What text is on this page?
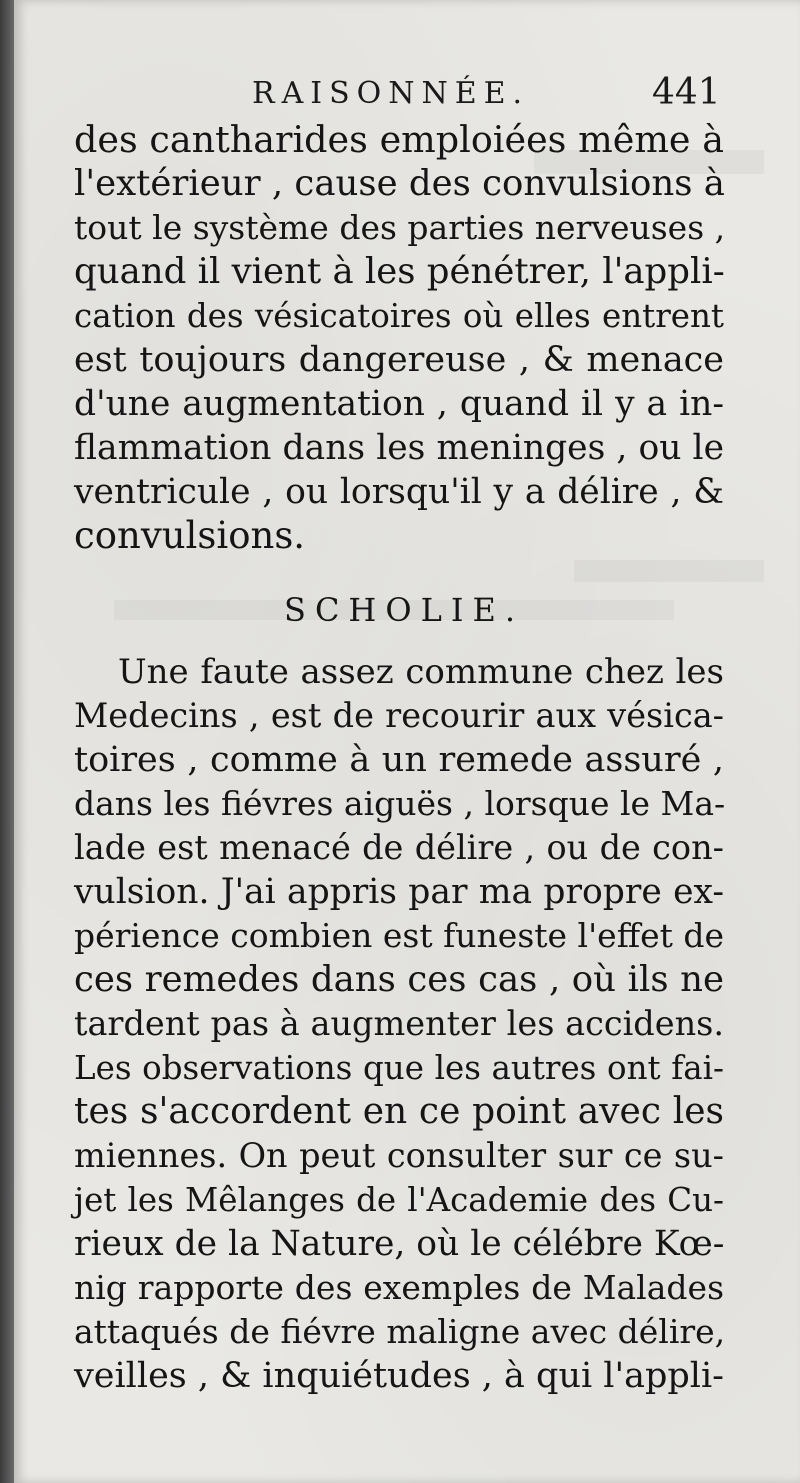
RAISONNÉE.	441
des cantharides emploiées même à
l'extérieur , cause des convulsions à
tout le système des parties nerveuses ,
quand il vient à les pénétrer, l'appli-
cation des vésicatoires où elles entrent
est toujours dangereuse , & menace
d'une augmentation , quand il y a in-
flammation dans les meninges , ou le
ventricule , ou lorsqu'il y a délire , &
convulsions.
SCHOLIE.
Une faute assez commune chez les
Medecins , est de recourir aux vésica-
toires , comme à un remede assuré ,
dans les fiévres aiguës , lorsque le Ma-
lade est menacé de délire , ou de con-
vulsion. J'ai appris par ma propre ex-
périence combien est funeste l'effet de
ces remedes dans ces cas , où ils ne
tardent pas à augmenter les accidens.
Les observations que les autres ont fai-
tes s'accordent en ce point avec les
miennes. On peut consulter sur ce su-
jet les Mêlanges de l'Academie des Cu-
rieux de la Nature, où le célébre Kœ-
nig rapporte des exemples de Malades
attaqués de fiévre maligne avec délire,
veilles , & inquiétudes , à qui l'appli-
